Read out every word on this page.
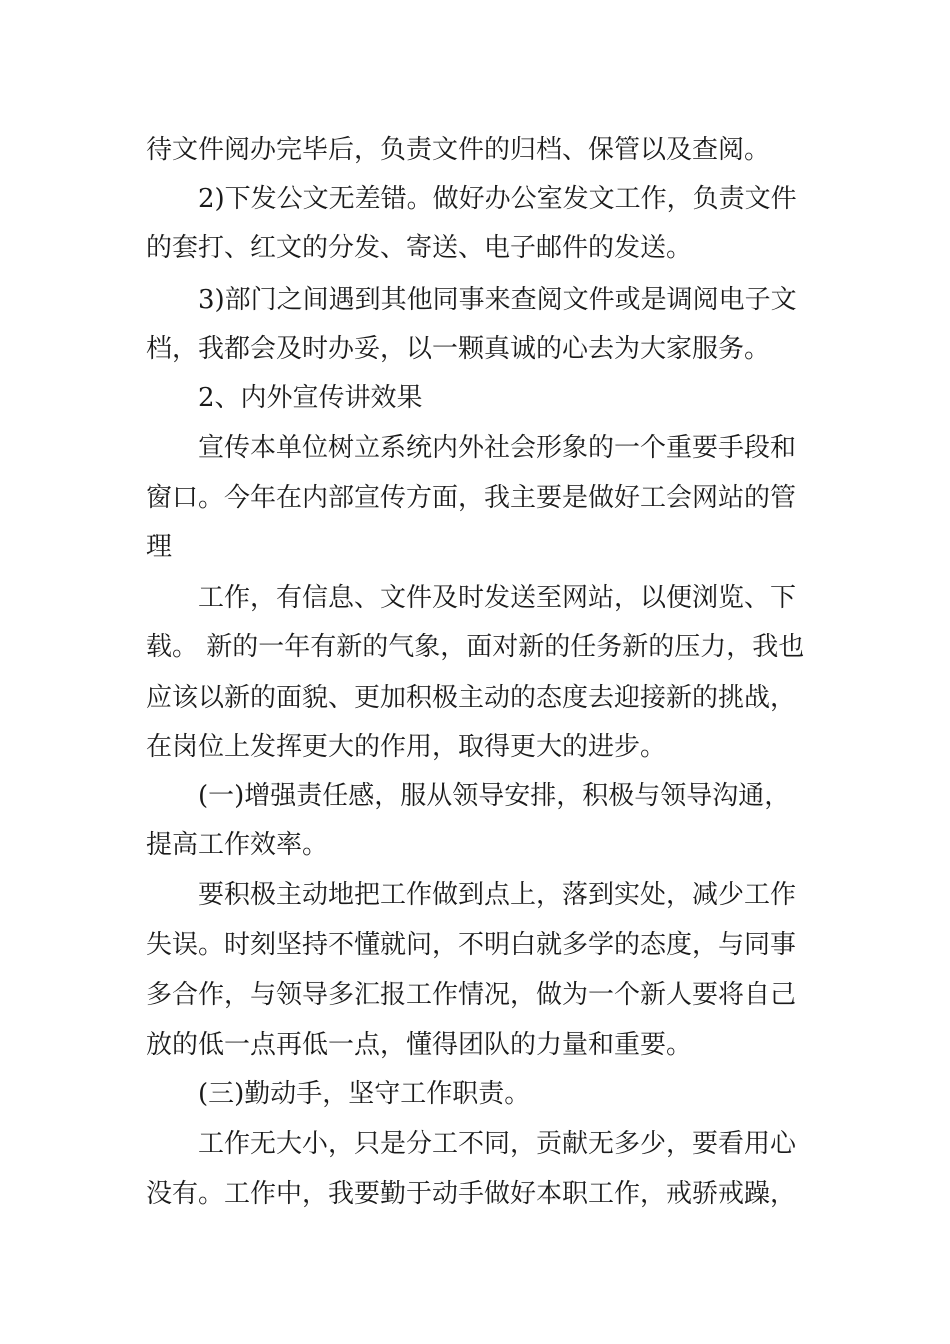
待文件阅办完毕后，负责文件的归档、保管以及查阅。
2)下发公文无差错。做好办公室发文工作，负责文件
的套打、红文的分发、寄送、电子邮件的发送。
3)部门之间遇到其他同事来查阅文件或是调阅电子文
档，我都会及时办妥，以一颗真诚的心去为大家服务。
2、内外宣传讲效果
宣传本单位树立系统内外社会形象的一个重要手段和
窗口。今年在内部宣传方面，我主要是做好工会网站的管
理
工作，有信息、文件及时发送至网站，以便浏览、下
载。 新的一年有新的气象，面对新的任务新的压力，我也
应该以新的面貌、更加积极主动的态度去迎接新的挑战，
在岗位上发挥更大的作用，取得更大的进步。
(一)增强责任感，服从领导安排，积极与领导沟通，
提高工作效率。
要积极主动地把工作做到点上，落到实处，减少工作
失误。时刻坚持不懂就问，不明白就多学的态度，与同事
多合作，与领导多汇报工作情况，做为一个新人要将自己
放的低一点再低一点，懂得团队的力量和重要。
(三)勤动手，坚守工作职责。
工作无大小，只是分工不同，贡献无多少，要看用心
没有。工作中，我要勤于动手做好本职工作，戒骄戒躁，
